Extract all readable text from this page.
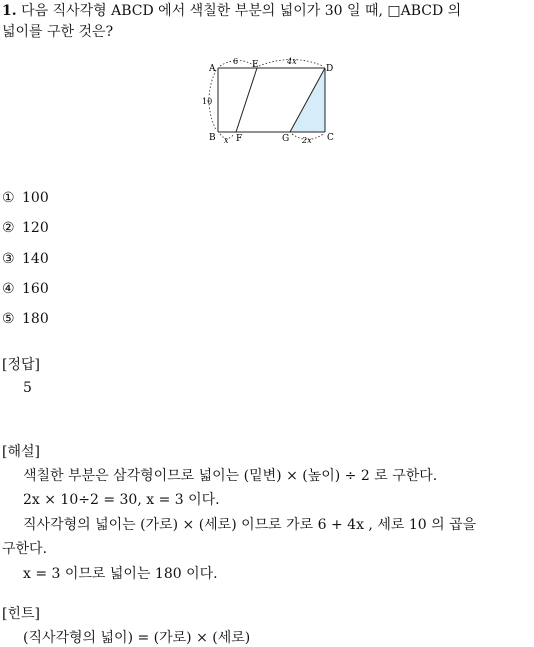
1. 다음 직사각형 ABCD 에서 색칠한 부분의 넓이가 30 일 때, □ABCD 의
넓이를 구한 것은?
A
B	C
D
E
F	G
6	4x
10
x	2x
① 100
② 120
③ 140
④ 160
⑤ 180
[정답]
5
[해설]
색칠한 부분은 삼각형이므로 넓이는 (밑변) × (높이) ÷ 2 로 구한다.
2x × 10÷2 = 30, x = 3 이다.
직사각형의 넓이는 (가로) × (세로) 이므로 가로 6 + 4x , 세로 10 의 곱을
구한다.
x = 3 이므로 넓이는 180 이다.
[힌트]
(직사각형의 넓이) = (가로) × (세로)
